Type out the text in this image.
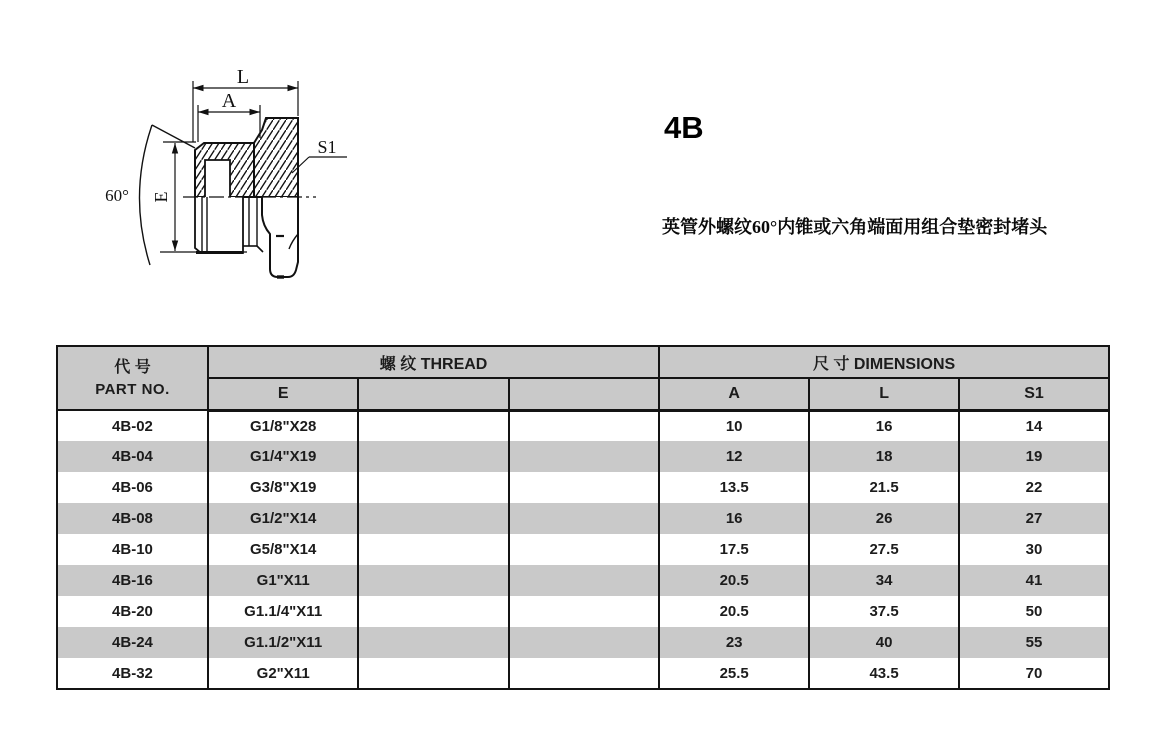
L
A
E
60°
S1
4B
英管外螺纹60°内锥或六角端面用组合垫密封堵头
代 号
PART NO.	螺 纹 THREAD			尺 寸 DIMENSIONS		
	E			A	L	S1
4B-02	G1/8"X28			10	16	14
4B-04	G1/4"X19			12	18	19
4B-06	G3/8"X19			13.5	21.5	22
4B-08	G1/2"X14			16	26	27
4B-10	G5/8"X14			17.5	27.5	30
4B-16	G1"X11			20.5	34	41
4B-20	G1.1/4"X11			20.5	37.5	50
4B-24	G1.1/2"X11			23	40	55
4B-32	G2"X11			25.5	43.5	70
